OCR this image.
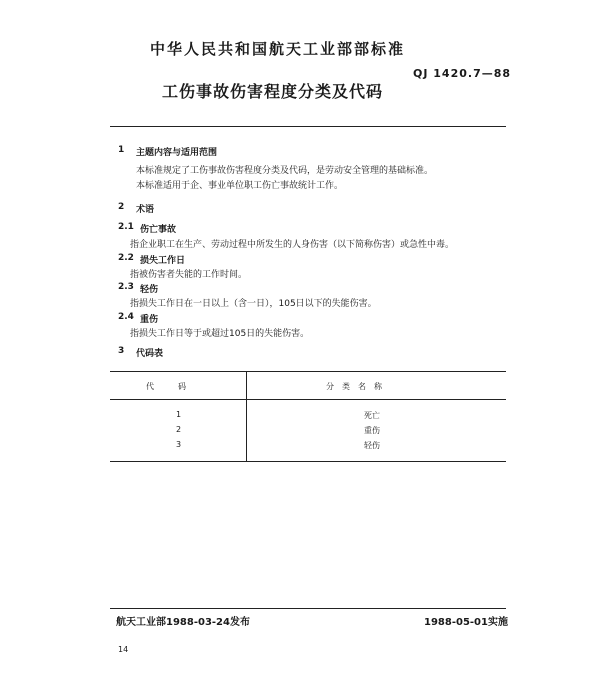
中华人民共和国航天工业部部标准
QJ 1420.7—88
工伤事故伤害程度分类及代码
1 主题内容与适用范围
本标准规定了工伤事故伤害程度分类及代码，是劳动安全管理的基础标准。
本标准适用于企、事业单位职工伤亡事故统计工作。
2 术语
2.1 伤亡事故
指企业职工在生产、劳动过程中所发生的人身伤害（以下简称伤害）或急性中毒。
2.2 损失工作日
指被伤害者失能的工作时间。
2.3 轻伤
指损失工作日在一日以上（含一日），105日以下的失能伤害。
2.4 重伤
指损失工作日等于或超过105日的失能伤害。
3 代码表
代　　　码	分　类　名　称
1	死亡
2	重伤
3	轻伤
航天工业部1988-03-24发布	1988-05-01实施
14
